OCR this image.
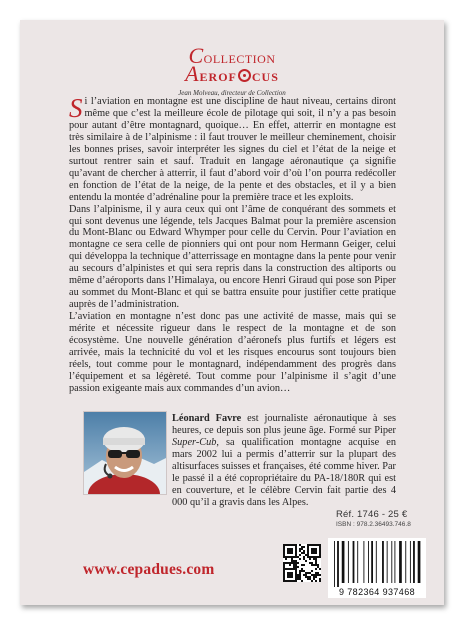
COLLECTION
AEROF CUS
Jean Molveau, directeur de Collection

Si l’aviation en montagne est une discipline de haut niveau, certains diront même que c’est la meilleure école de pilotage qui soit, il n’y a pas besoin pour autant d’être montagnard, quoique… En effet, atterrir en montagne est très similaire à de l’alpinisme : il faut trouver le meilleur cheminement, choisir les bonnes prises, savoir interpréter les signes du ciel et l’état de la neige et surtout rentrer sain et sauf. Traduit en langage aéronautique ça signifie qu’avant de chercher à atterrir, il faut d’abord voir d’où l’on pourra redécoller en fonction de l’état de la neige, de la pente et des obstacles, et il y a bien entendu la montée d’adrénaline pour la première trace et les exploits.

Dans l’alpinisme, il y aura ceux qui ont l’âme de conquérant des sommets et qui sont devenus une légende, tels Jacques Balmat pour la première ascension du Mont-Blanc ou Edward Whymper pour celle du Cervin. Pour l’aviation en montagne ce sera celle de pionniers qui ont pour nom Hermann Geiger, celui qui développa la technique d’atterrissage en montagne dans la pente pour venir au secours d’alpinistes et qui sera repris dans la construction des altiports ou même d’aéroports dans l’Himalaya, ou encore Henri Giraud qui pose son Piper au sommet du Mont-Blanc et qui se battra ensuite pour justifier cette pratique auprès de l’administration.

L’aviation en montagne n’est donc pas une activité de masse, mais qui se mérite et nécessite rigueur dans le respect de la montagne et de son écosystème. Une nouvelle génération d’aéronefs plus furtifs et légers est arrivée, mais la technicité du vol et les risques encourus sont toujours bien réels, tout comme pour le montagnard, indépendamment des progrès dans l’équipement et sa légèreté. Tout comme pour l’alpinisme il s’agit d’une passion exigeante mais aux commandes d’un avion…

Léonard Favre est journaliste aéronautique à ses heures, ce depuis son plus jeune âge. Formé sur Piper Super-Cub, sa qualification montagne acquise en mars 2002 lui a permis d’atterrir sur la plupart des altisurfaces suisses et françaises, été comme hiver. Par le passé il a été copropriétaire du PA-18/180R qui est en couverture, et le célèbre Cervin fait partie des 4 000 qu’il a gravis dans les Alpes.
Réf. 1746 - 25 €
ISBN : 978.2.36493.746.8
9 782364 937468
www.cepadues.com
